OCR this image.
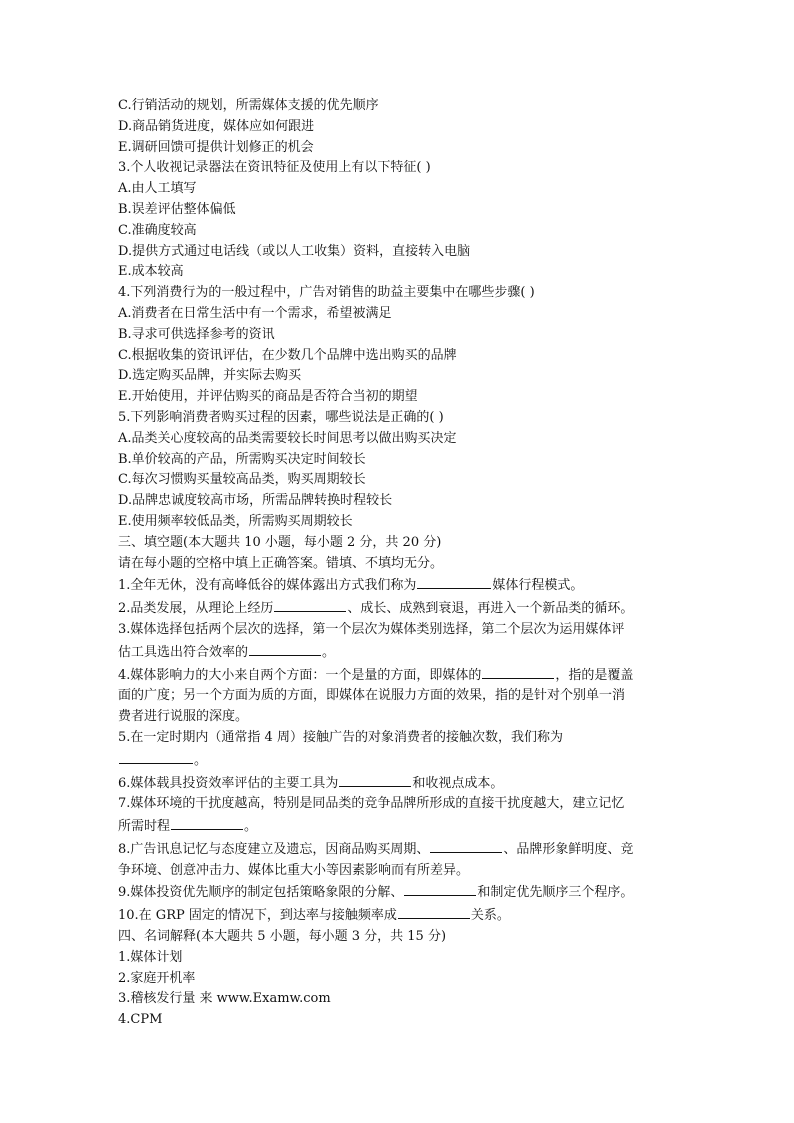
C.行销活动的规划，所需媒体支援的优先顺序
D.商品销货进度，媒体应如何跟进
E.调研回馈可提供计划修正的机会
3.个人收视记录器法在资讯特征及使用上有以下特征( )
A.由人工填写
B.误差评估整体偏低
C.准确度较高
D.提供方式通过电话线（或以人工收集）资料，直接转入电脑
E.成本较高
4.下列消费行为的一般过程中，广告对销售的助益主要集中在哪些步骤( )
A.消费者在日常生活中有一个需求，希望被满足
B.寻求可供选择参考的资讯
C.根据收集的资讯评估，在少数几个品牌中选出购买的品牌
D.选定购买品牌，并实际去购买
E.开始使用，并评估购买的商品是否符合当初的期望
5.下列影响消费者购买过程的因素，哪些说法是正确的( )
A.品类关心度较高的品类需要较长时间思考以做出购买决定
B.单价较高的产品，所需购买决定时间较长
C.每次习惯购买量较高品类，购买周期较长
D.品牌忠诚度较高市场，所需品牌转换时程较长
E.使用频率较低品类，所需购买周期较长
三、填空题(本大题共 10 小题，每小题 2 分，共 20 分)
请在每小题的空格中填上正确答案。错填、不填均无分。
1.全年无休，没有高峰低谷的媒体露出方式我们称为	媒体行程模式。
2.品类发展，从理论上经历	、成长、成熟到衰退，再进入一个新品类的循环。
3.媒体选择包括两个层次的选择，第一个层次为媒体类别选择，第二个层次为运用媒体评
估工具选出符合效率的	。
4.媒体影响力的大小来自两个方面：一个是量的方面，即媒体的	，指的是覆盖
面的广度；另一个方面为质的方面，即媒体在说服力方面的效果，指的是针对个别单一消
费者进行说服的深度。
5.在一定时期内（通常指 4 周）接触广告的对象消费者的接触次数，我们称为
。
6.媒体载具投资效率评估的主要工具为	和收视点成本。
7.媒体环境的干扰度越高，特别是同品类的竞争品牌所形成的直接干扰度越大，建立记忆
所需时程	。
8.广告讯息记忆与态度建立及遗忘，因商品购买周期、	、品牌形象鲜明度、竞
争环境、创意冲击力、媒体比重大小等因素影响而有所差异。
9.媒体投资优先顺序的制定包括策略象限的分解、	和制定优先顺序三个程序。
10.在 GRP 固定的情况下，到达率与接触频率成	关系。
四、名词解释(本大题共 5 小题，每小题 3 分，共 15 分)
1.媒体计划
2.家庭开机率
3.稽核发行量 来 www.Examw.com
4.CPM
